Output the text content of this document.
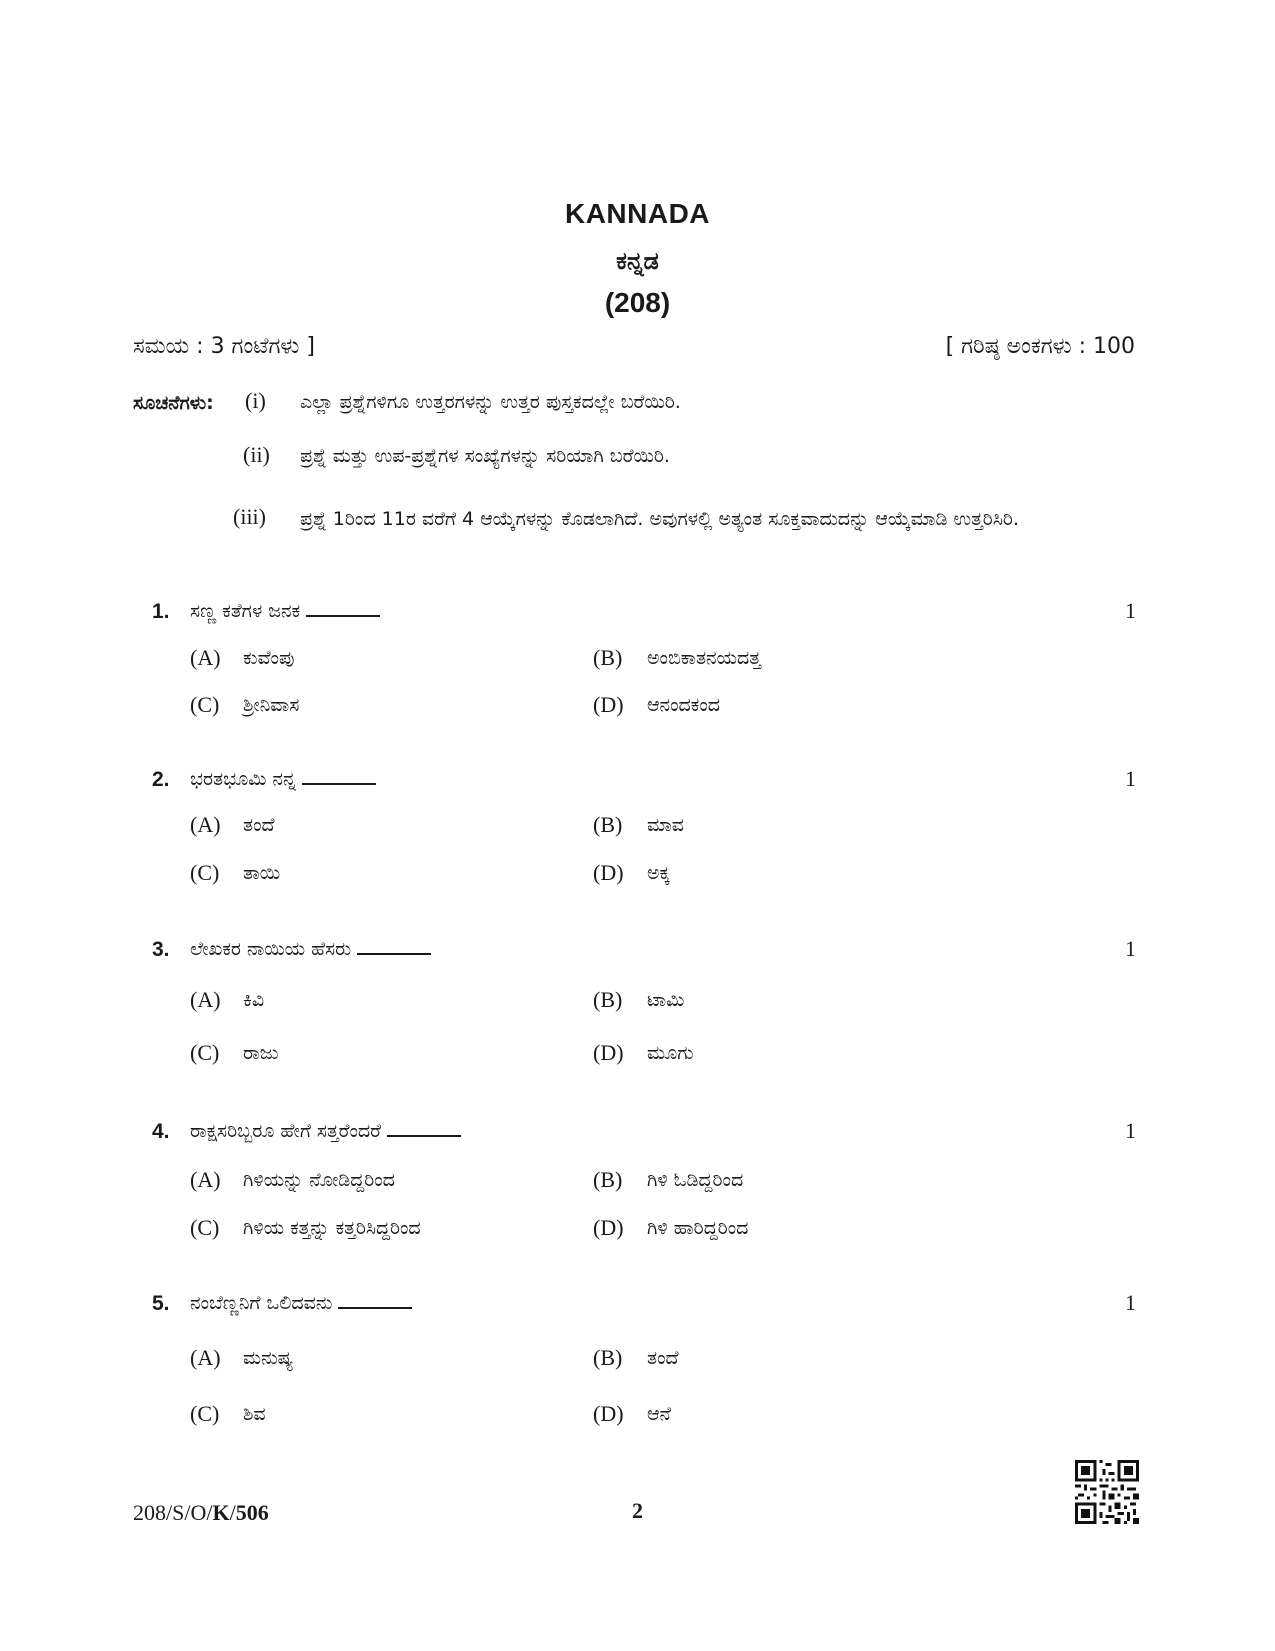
KANNADA
ಕನ್ನಡ
(208)
ಸಮಯ : 3 ಗಂಟೆಗಳು ]	[ ಗರಿಷ್ಠ ಅಂಕಗಳು : 100
ಸೂಚನೆಗಳು: (i) ಎಲ್ಲಾ ಪ್ರಶ್ನೆಗಳಿಗೂ ಉತ್ತರಗಳನ್ನು ಉತ್ತರ ಪುಸ್ತಕದಲ್ಲೇ ಬರೆಯಿರಿ.
(ii) ಪ್ರಶ್ನೆ ಮತ್ತು ಉಪ-ಪ್ರಶ್ನೆಗಳ ಸಂಖ್ಯೆಗಳನ್ನು ಸರಿಯಾಗಿ ಬರೆಯಿರಿ.
(iii) ಪ್ರಶ್ನೆ 1ರಿಂದ 11ರ ವರೆಗೆ 4 ಆಯ್ಕೆಗಳನ್ನು ಕೊಡಲಾಗಿದೆ. ಅವುಗಳಲ್ಲಿ ಅತ್ಯಂತ ಸೂಕ್ತವಾದುದನ್ನು ಆಯ್ಕೆಮಾಡಿ ಉತ್ತರಿಸಿರಿ.
1. ಸಣ್ಣ ಕತೆಗಳ ಜನಕ	1
(A) ಕುವೆಂಪು	(B) ಅಂಬಿಕಾತನಯದತ್ತ
(C) ಶ್ರೀನಿವಾಸ	(D) ಆನಂದಕಂದ
2. ಭರತಭೂಮಿ ನನ್ನ	1
(A) ತಂದೆ	(B) ಮಾವ
(C) ತಾಯಿ	(D) ಅಕ್ಕ
3. ಲೇಖಕರ ನಾಯಿಯ ಹೆಸರು	1
(A) ಕಿವಿ	(B) ಟಾಮಿ
(C) ರಾಜು	(D) ಮೂಗು
4. ರಾಕ್ಷಸರಿಬ್ಬರೂ ಹೇಗೆ ಸತ್ತರೆಂದರೆ	1
(A) ಗಿಳಿಯನ್ನು ನೋಡಿದ್ದರಿಂದ	(B) ಗಿಳಿ ಓಡಿದ್ದರಿಂದ
(C) ಗಿಳಿಯ ಕತ್ತನ್ನು ಕತ್ತರಿಸಿದ್ದರಿಂದ	(D) ಗಿಳಿ ಹಾರಿದ್ದರಿಂದ
5. ನಂಬೆಣ್ಣನಿಗೆ ಒಲಿದವನು	1
(A) ಮನುಷ್ಯ	(B) ತಂದೆ
(C) ಶಿವ	(D) ಆನೆ
208/S/O/K/506	2
